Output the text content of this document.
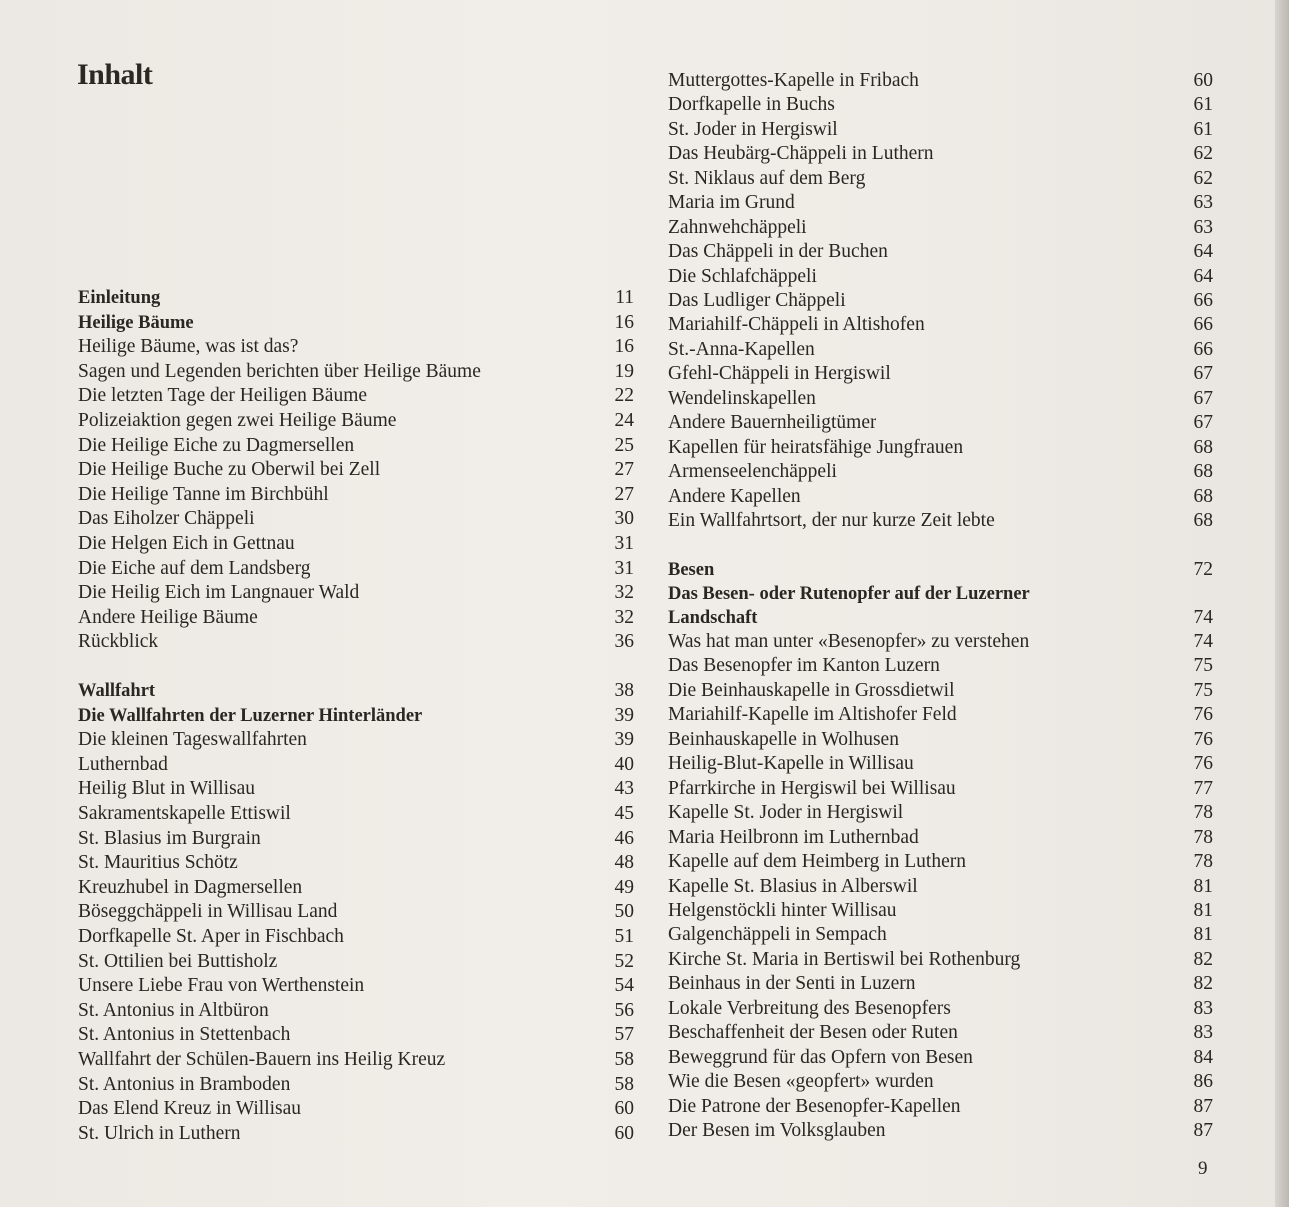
Inhalt
Einleitung	11
Heilige Bäume	16
Heilige Bäume, was ist das?	16
Sagen und Legenden berichten über Heilige Bäume	19
Die letzten Tage der Heiligen Bäume	22
Polizeiaktion gegen zwei Heilige Bäume	24
Die Heilige Eiche zu Dagmersellen	25
Die Heilige Buche zu Oberwil bei Zell	27
Die Heilige Tanne im Birchbühl	27
Das Eiholzer Chäppeli	30
Die Helgen Eich in Gettnau	31
Die Eiche auf dem Landsberg	31
Die Heilig Eich im Langnauer Wald	32
Andere Heilige Bäume	32
Rückblick	36
Wallfahrt	38
Die Wallfahrten der Luzerner Hinterländer	39
Die kleinen Tageswallfahrten	39
Luthernbad	40
Heilig Blut in Willisau	43
Sakramentskapelle Ettiswil	45
St. Blasius im Burgrain	46
St. Mauritius Schötz	48
Kreuzhubel in Dagmersellen	49
Böseggchäppeli in Willisau Land	50
Dorfkapelle St. Aper in Fischbach	51
St. Ottilien bei Buttisholz	52
Unsere Liebe Frau von Werthenstein	54
St. Antonius in Altbüron	56
St. Antonius in Stettenbach	57
Wallfahrt der Schülen-Bauern ins Heilig Kreuz	58
St. Antonius in Bramboden	58
Das Elend Kreuz in Willisau	60
St. Ulrich in Luthern	60
Muttergottes-Kapelle in Fribach	60
Dorfkapelle in Buchs	61
St. Joder in Hergiswil	61
Das Heubärg-Chäppeli in Luthern	62
St. Niklaus auf dem Berg	62
Maria im Grund	63
Zahnwehchäppeli	63
Das Chäppeli in der Buchen	64
Die Schlafchäppeli	64
Das Ludliger Chäppeli	66
Mariahilf-Chäppeli in Altishofen	66
St.-Anna-Kapellen	66
Gfehl-Chäppeli in Hergiswil	67
Wendelinskapellen	67
Andere Bauernheiligtümer	67
Kapellen für heiratsfähige Jungfrauen	68
Armenseelenchäppeli	68
Andere Kapellen	68
Ein Wallfahrtsort, der nur kurze Zeit lebte	68
Besen	72
Das Besen- oder Rutenopfer auf der Luzerner Landschaft	74
Was hat man unter «Besenopfer» zu verstehen	74
Das Besenopfer im Kanton Luzern	75
Die Beinhauskapelle in Grossdietwil	75
Mariahilf-Kapelle im Altishofer Feld	76
Beinhauskapelle in Wolhusen	76
Heilig-Blut-Kapelle in Willisau	76
Pfarrkirche in Hergiswil bei Willisau	77
Kapelle St. Joder in Hergiswil	78
Maria Heilbronn im Luthernbad	78
Kapelle auf dem Heimberg in Luthern	78
Kapelle St. Blasius in Alberswil	81
Helgenstöckli hinter Willisau	81
Galgenchäppeli in Sempach	81
Kirche St. Maria in Bertiswil bei Rothenburg	82
Beinhaus in der Senti in Luzern	82
Lokale Verbreitung des Besenopfers	83
Beschaffenheit der Besen oder Ruten	83
Beweggrund für das Opfern von Besen	84
Wie die Besen «geopfert» wurden	86
Die Patrone der Besenopfer-Kapellen	87
Der Besen im Volksglauben	87
9
